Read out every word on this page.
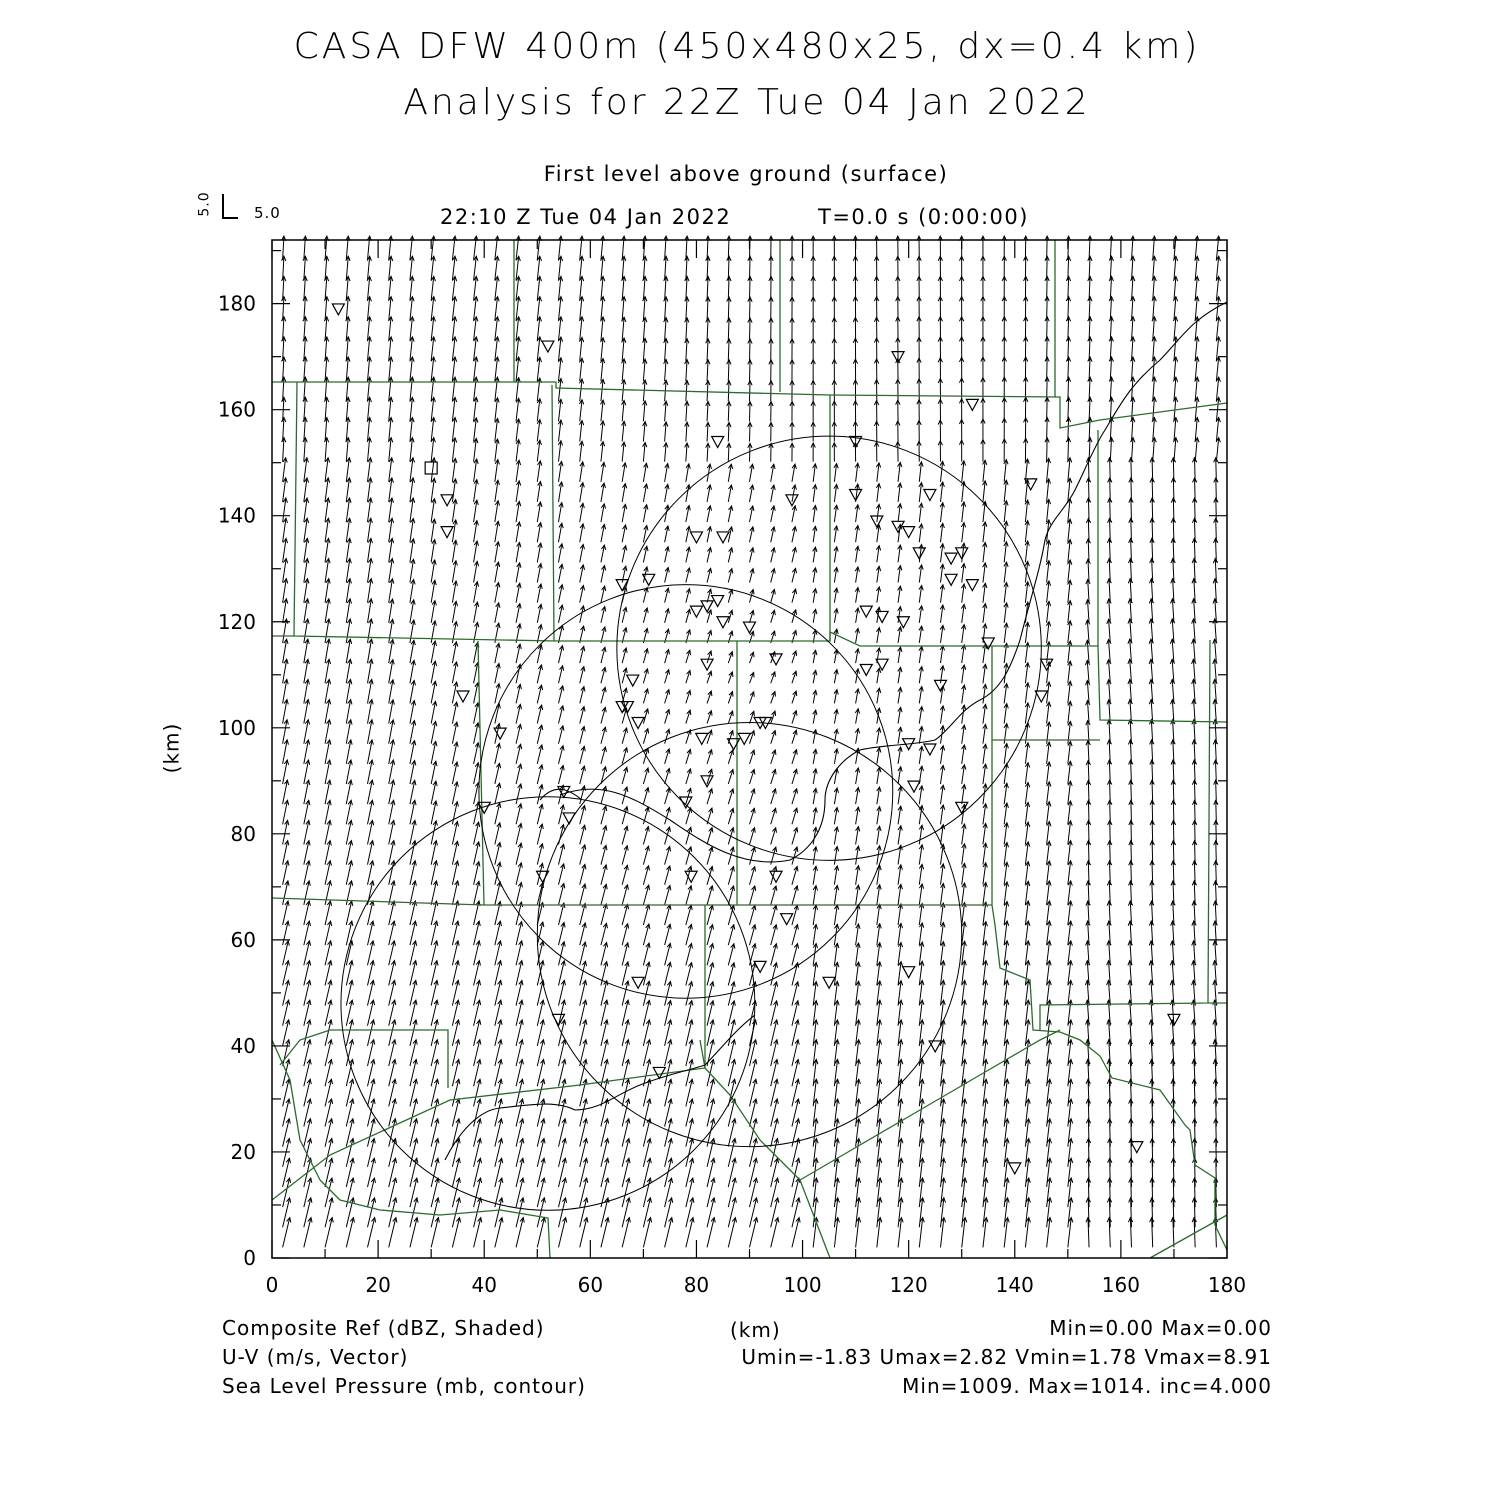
CASA DFW 400m (450x480x25, dx=0.4 km)
Analysis for 22Z Tue 04 Jan 2022
First level above ground (surface)
22:10 Z Tue 04 Jan 2022	T=0.0 s (0:00:00)
5.0	5.0
(km)
0	20	40	60	80	100	120	140	160	180
0
20
40
60
80
100
120
140
160
180
(km)
Composite Ref (dBZ, Shaded)	Min=0.00 Max=0.00
U-V (m/s, Vector)	Umin=-1.83 Umax=2.82 Vmin=1.78 Vmax=8.91
Sea Level Pressure (mb, contour)	Min=1009. Max=1014. inc=4.000
